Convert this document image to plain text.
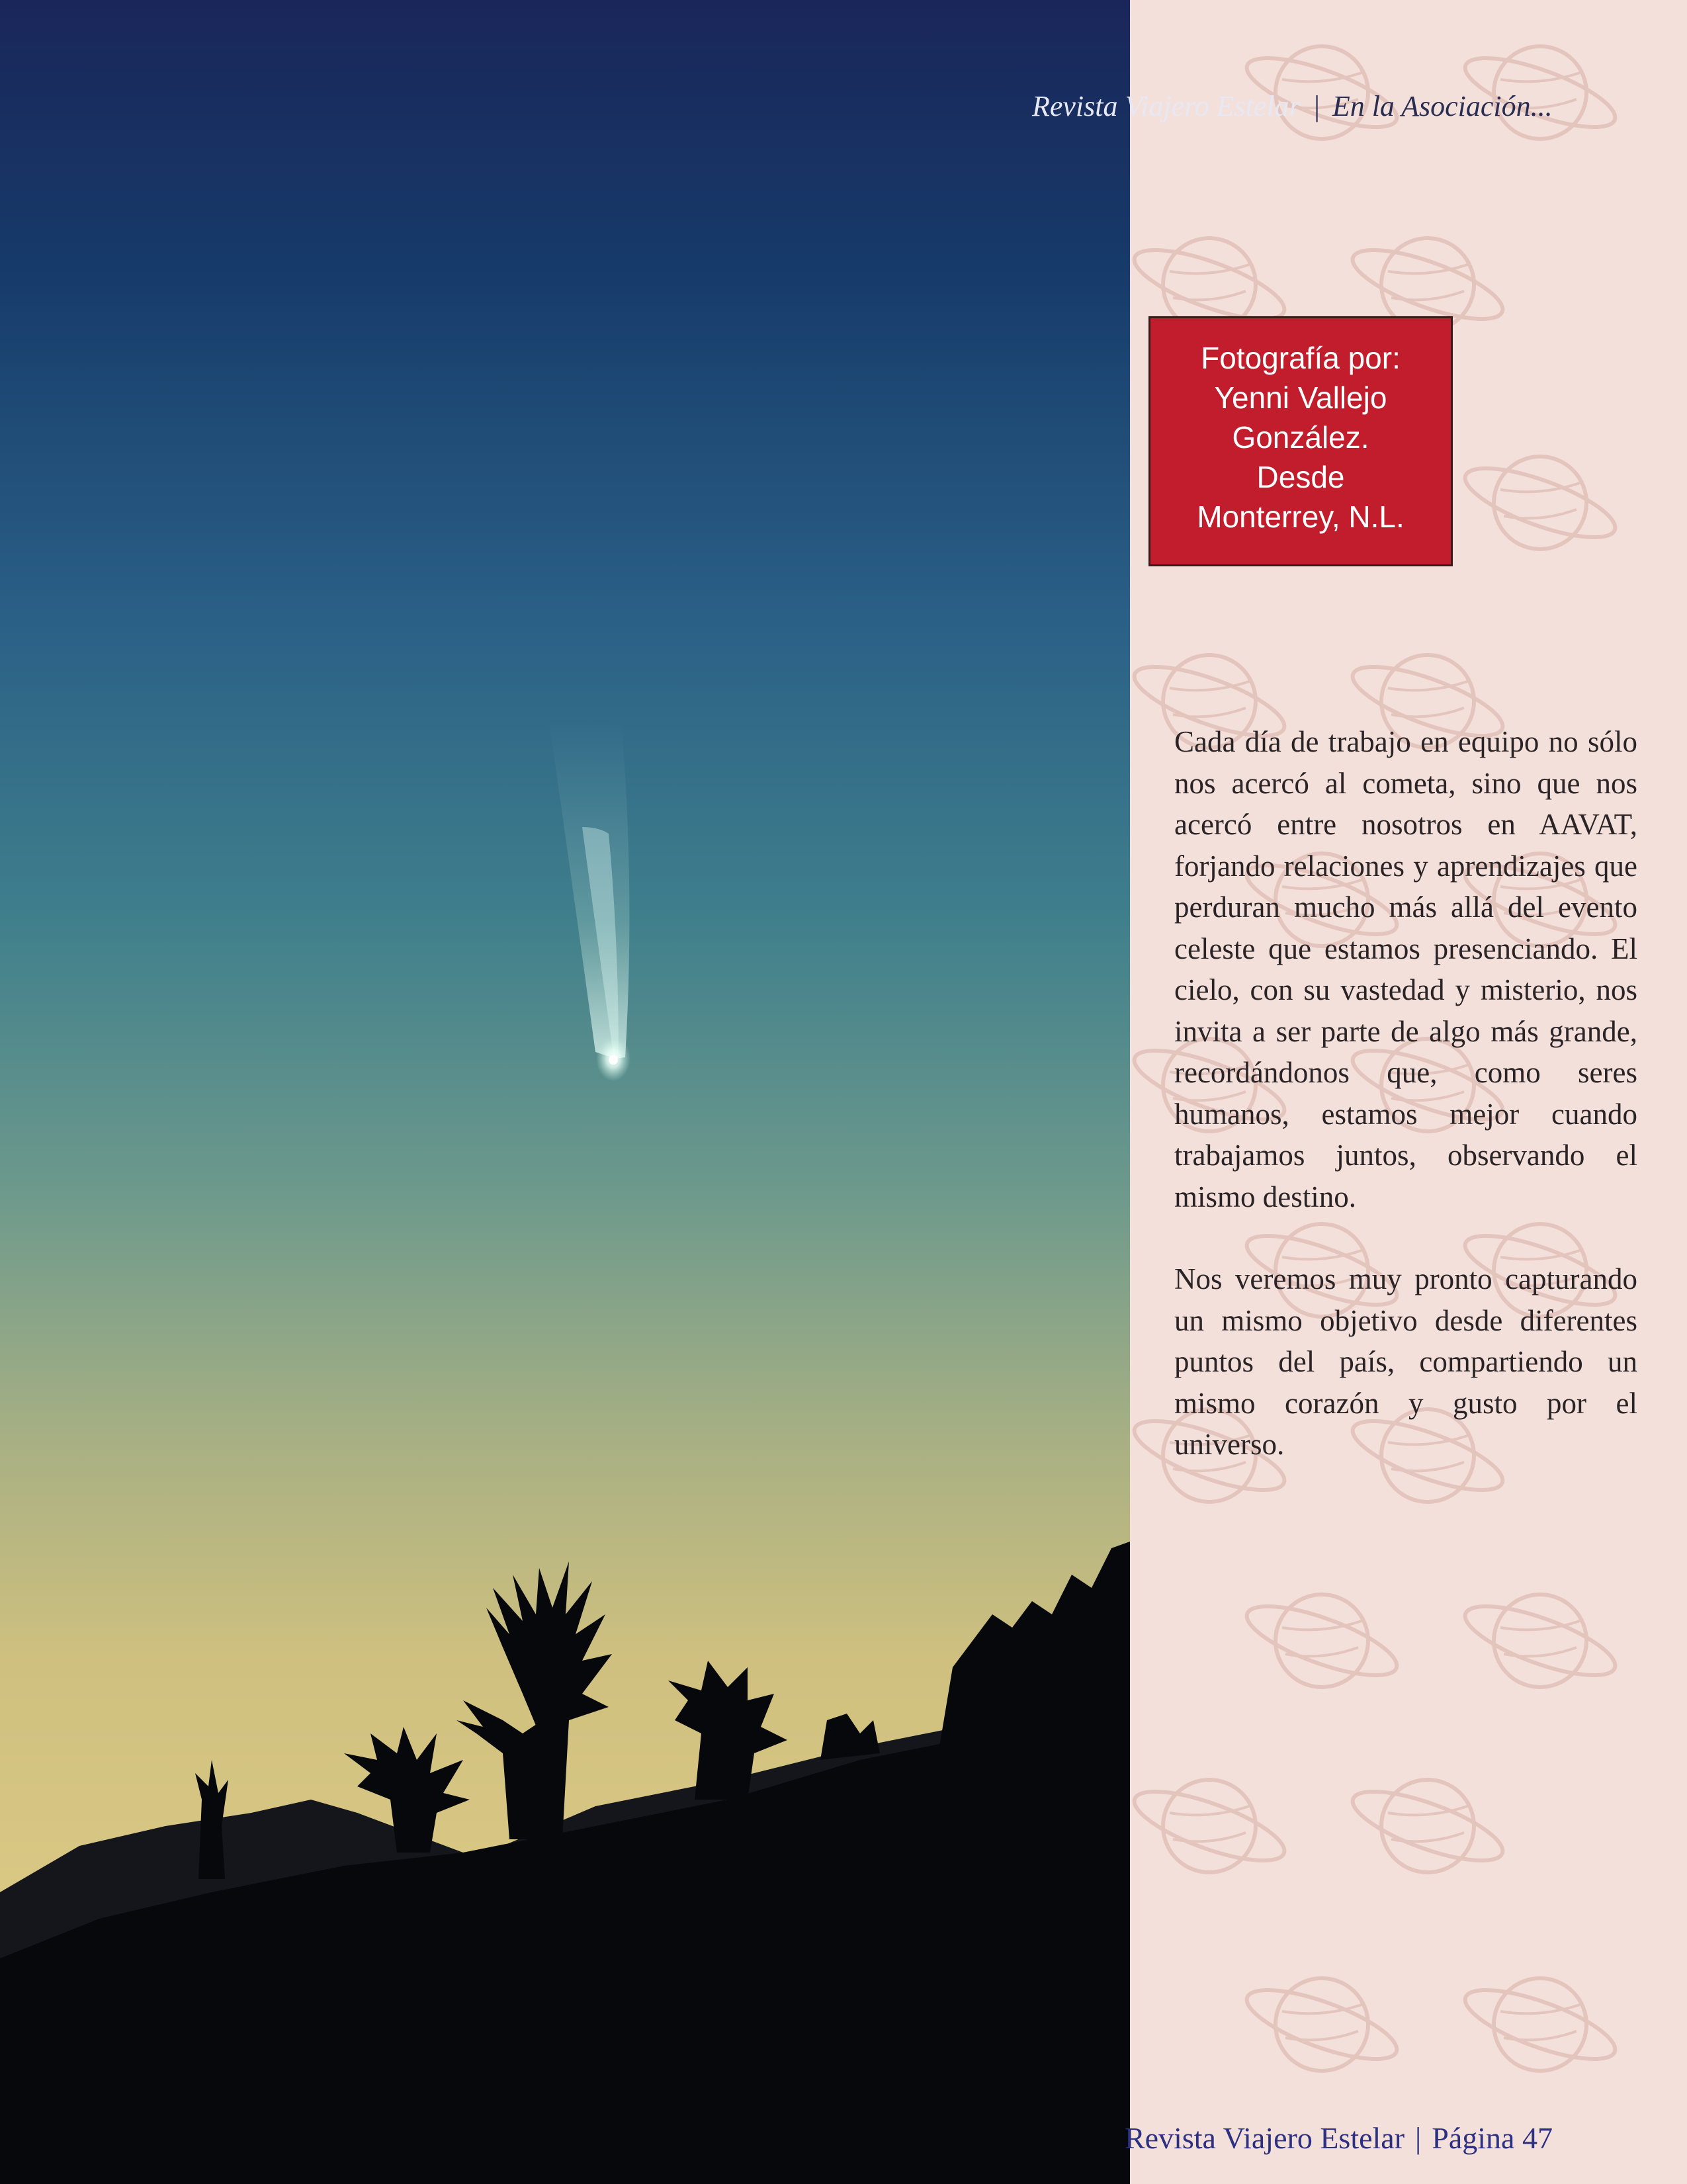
Revista Viajero Estelar | En la Asociación...
Fotografía por:
Yenni Vallejo
González.
Desde
Monterrey, N.L.

Cada día de trabajo en equipo no sólo nos acercó al cometa, sino que nos acercó entre nosotros en AAVAT, forjando relaciones y aprendizajes que perduran mucho más allá del evento celeste que estamos presenciando. El cielo, con su vastedad y misterio, nos invita a ser parte de algo más grande, recordándonos que, como seres humanos, estamos mejor cuando trabajamos juntos, observando el mismo destino.

Nos veremos muy pronto capturando un mismo objetivo desde diferentes puntos del país, compartiendo un mismo corazón y gusto por el universo.

Revista Viajero Estelar | Página 47
